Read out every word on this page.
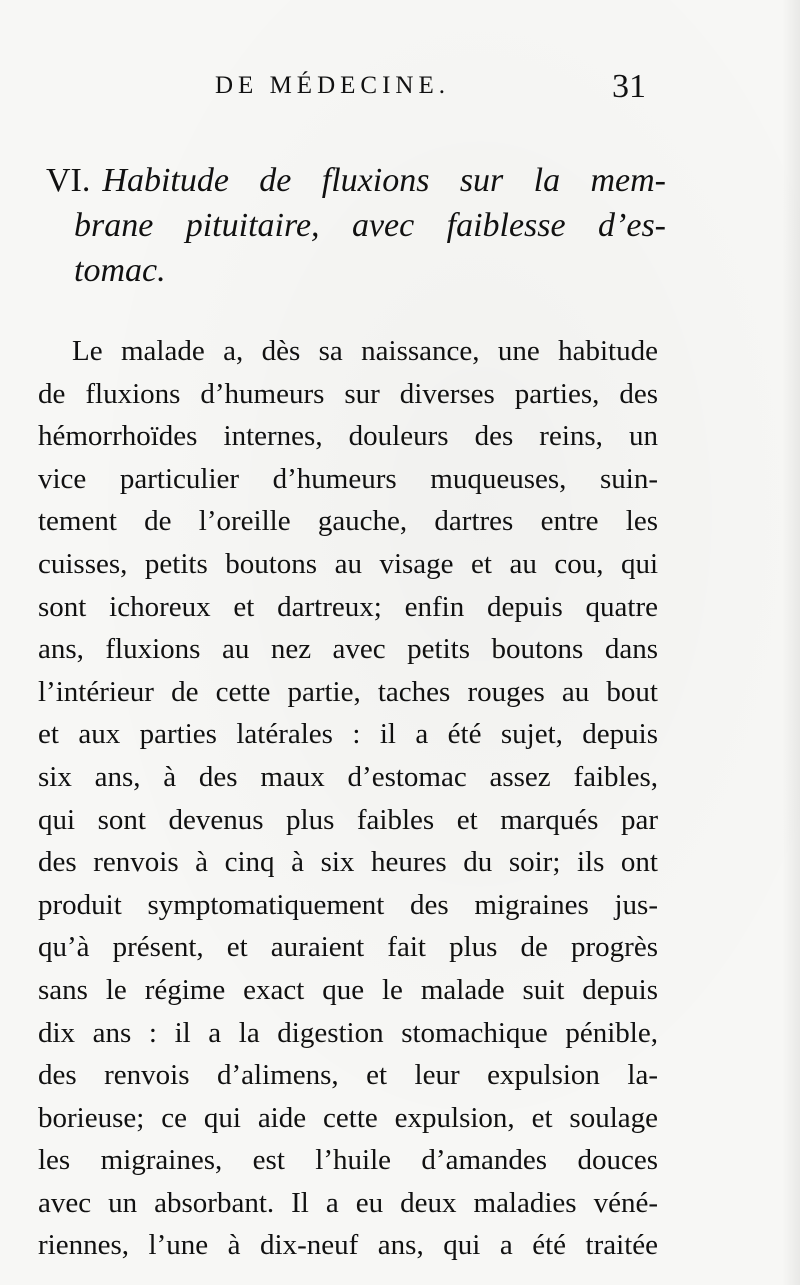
DE MÉDECINE.	31
VI. Habitude de fluxions sur la mem-
brane pituitaire, avec faiblesse d’es-
tomac.
Le malade a, dès sa naissance, une habitude
de fluxions d’humeurs sur diverses parties, des
hémorrhoïdes internes, douleurs des reins, un
vice particulier d’humeurs muqueuses, suin-
tement de l’oreille gauche, dartres entre les
cuisses, petits boutons au visage et au cou, qui
sont ichoreux et dartreux; enfin depuis quatre
ans, fluxions au nez avec petits boutons dans
l’intérieur de cette partie, taches rouges au bout
et aux parties latérales : il a été sujet, depuis
six ans, à des maux d’estomac assez faibles,
qui sont devenus plus faibles et marqués par
des renvois à cinq à six heures du soir; ils ont
produit symptomatiquement des migraines jus-
qu’à présent, et auraient fait plus de progrès
sans le régime exact que le malade suit depuis
dix ans : il a la digestion stomachique pénible,
des renvois d’alimens, et leur expulsion la-
borieuse; ce qui aide cette expulsion, et soulage
les migraines, est l’huile d’amandes douces
avec un absorbant. Il a eu deux maladies véné-
riennes, l’une à dix-neuf ans, qui a été traitée
